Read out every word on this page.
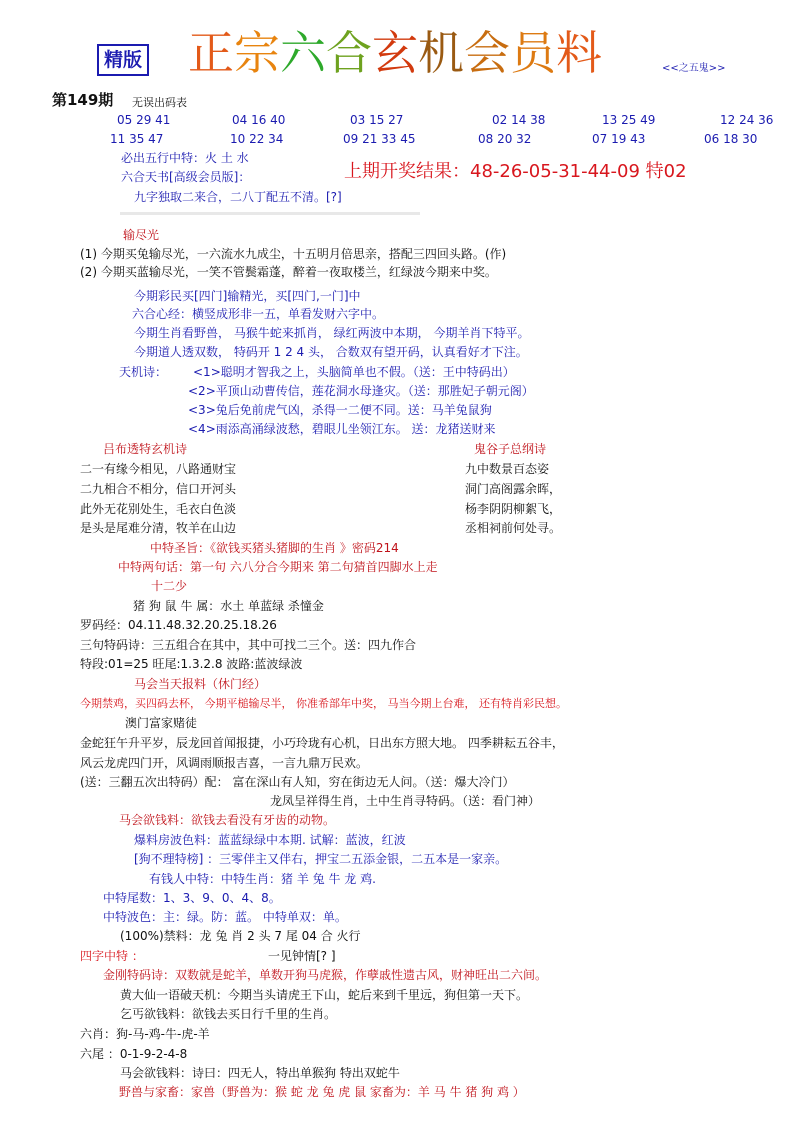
精版 正宗六合玄机会员料	<<之五鬼>>
第149期 无误出码表
05 29 41	04 16 40	03 15 27	02 14 38	13 25 49	12 24 36
11 35 47	10 22 34	09 21 33 45	08 20 32	07 19 43	06 18 30
必出五行中特：火 土 水
六合天书[高级会员版]：	上期开奖结果：48-26-05-31-44-09 特02
九字独取二来合，二八丁配五不清。[?]
输尽光
(1) 今期买兔输尽光，一六流水九成尘，十五明月倍思亲，搭配三四回头路。(作)
(2) 今期买蓝输尽光，一笑不管鬓霜蓬，醉着一夜取楼兰，红绿波今期来中奖。
今期彩民买[四门]输精光，买[四门,一门]中
六合心经：横竖成形非一五，单看发财六字中。
今期生肖看野兽， 马猴牛蛇来抓肖， 绿红两波中本期， 今期羊肖下特平。
今期道人透双数， 特码开 1 2 4 头， 合数双有望开码，认真看好才下注。
天机诗： <1>聪明才智我之上，头脑简单也不假。（送：王中特码出）
<2>平顶山动曹传信，莲花洞水母逢灾。（送：那胜妃子朝元阁）
<3>兔后免前虎气凶，杀得一二便不同。送：马羊兔鼠狗
<4>雨添高涌绿波愁，碧眼儿坐领江东。 送：龙猪送财来
吕布透特玄机诗	鬼谷子总纲诗
二一有缘今相见，八路通财宝
二九相合不相分，信口开河头
此外无花别处生，毛衣白色淡
是头是尾难分清，牧羊在山边
九中数景百态姿
洞门高阁露余晖，
杨李阴阴柳絮飞，
丞相祠前何处寻。
中特圣旨：《欲钱买猪头猪脚的生肖 》密码214
中特两句话：第一句 六八分合今期来 第二句猜首四脚水上走
十二少
猪 狗 鼠 牛 属：水土 单蓝绿 杀憧金
罗码经：04.11.48.32.20.25.18.26
三句特码诗：三五组合在其中，其中可找二三个。送：四九作合
特段:01=25 旺尾:1.3.2.8 波路:蓝波绿波
马会当天报料（休门经）
今期禁鸡，买四码去杯， 今期平槌输尽半， 你准希部年中奖， 马当今期上台难， 还有特肖彩民想。
澳门富家赌徒
金蛇狂午升平岁，辰龙回首闻报捷，小巧玲珑有心机，日出东方照大地。 四季耕耘五谷丰，
风云龙虎四门开，风调雨顺报吉喜，一言九鼎万民欢。
(送：三翻五次出特码）配： 富在深山有人知，穷在街边无人问。（送：爆大冷门）
龙凤呈祥得生肖，土中生肖寻特码。（送：看门神）
马会欲钱料：欲钱去看没有牙齿的动物。
爆料房波色料：蓝蓝绿绿中本期. 试解：蓝波，红波
[狗不理特榜] ：三零伴主又伴右，押宝二五添金银，二五本是一家亲。
有钱人中特：中特生肖：猪 羊 兔 牛 龙 鸡.
中特尾数：1、3、9、0、4、8。
中特波色：主：绿。防：蓝。 中特单双：单。
(100%)禁料：龙 兔 肖 2 头 7 尾 04 合 火行
四字中特 ：	一见钟情[? ]
金刚特码诗：双数就是蛇羊，单数开狗马虎猴，作孽戚性遗古风，财神旺出二六间。
黄大仙一语破天机：今期当头请虎王下山，蛇后来到千里远，狗但第一天下。
乞丐欲钱料：欲钱去买日行千里的生肖。
六肖：狗-马-鸡-牛-虎-羊
六尾 ：0-1-9-2-4-8
马会欲钱料：诗曰：四无人，特出单猴狗 特出双蛇牛
野兽与家畜：家兽（野兽为：猴 蛇 龙 兔 虎 鼠 家畜为：羊 马 牛 猪 狗 鸡 ）
